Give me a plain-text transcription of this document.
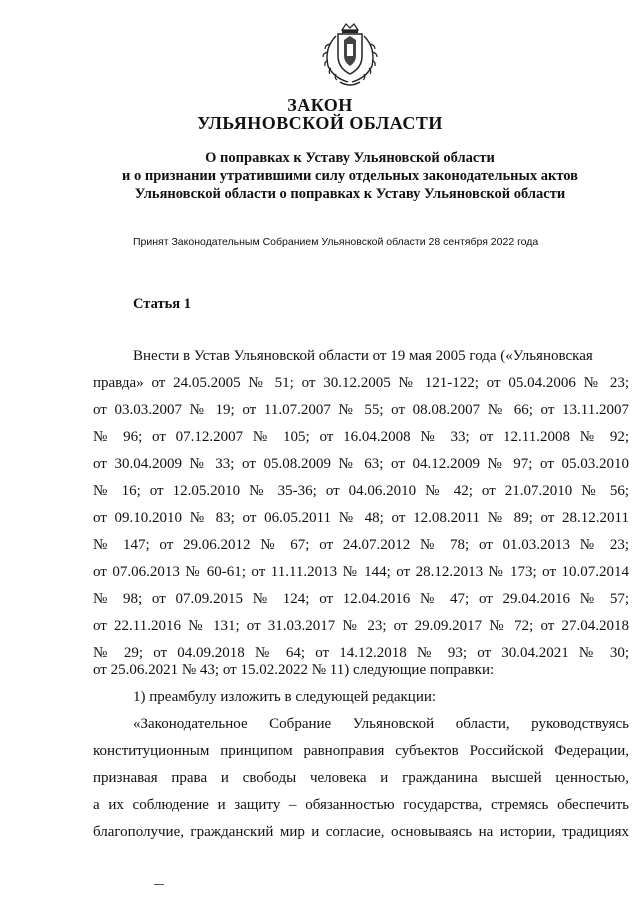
ЗАКОН
УЛЬЯНОВСКОЙ ОБЛАСТИ
О поправках к Уставу Ульяновской области
и о признании утратившими силу отдельных законодательных актов
Ульяновской области о поправках к Уставу Ульяновской области
Принят Законодательным Собранием Ульяновской области 28 сентября 2022 года
Статья 1
Внести в Устав Ульяновской области от 19 мая 2005 года («Ульяновская
правда» от 24.05.2005 № 51; от 30.12.2005 № 121-122; от 05.04.2006 № 23;
от 03.03.2007 № 19; от 11.07.2007 № 55; от 08.08.2007 № 66; от 13.11.2007
№ 96; от 07.12.2007 № 105; от 16.04.2008 № 33; от 12.11.2008 № 92;
от 30.04.2009 № 33; от 05.08.2009 № 63; от 04.12.2009 № 97; от 05.03.2010
№ 16; от 12.05.2010 № 35-36; от 04.06.2010 № 42; от 21.07.2010 № 56;
от 09.10.2010 № 83; от 06.05.2011 № 48; от 12.08.2011 № 89; от 28.12.2011
№ 147; от 29.06.2012 № 67; от 24.07.2012 № 78; от 01.03.2013 № 23;
от 07.06.2013 № 60-61; от 11.11.2013 № 144; от 28.12.2013 № 173; от 10.07.2014
№ 98; от 07.09.2015 № 124; от 12.04.2016 № 47; от 29.04.2016 № 57;
от 22.11.2016 № 131; от 31.03.2017 № 23; от 29.09.2017 № 72; от 27.04.2018
№ 29; от 04.09.2018 № 64; от 14.12.2018 № 93; от 30.04.2021 № 30;
от 25.06.2021 № 43; от 15.02.2022 № 11) следующие поправки:
1) преамбулу изложить в следующей редакции:
«Законодательное Собрание Ульяновской области, руководствуясь
конституционным принципом равноправия субъектов Российской Федерации,
признавая права и свободы человека и гражданина высшей ценностью,
а их соблюдение и защиту – обязанностью государства, стремясь обеспечить
благополучие, гражданский мир и согласие, основываясь на истории, традициях
